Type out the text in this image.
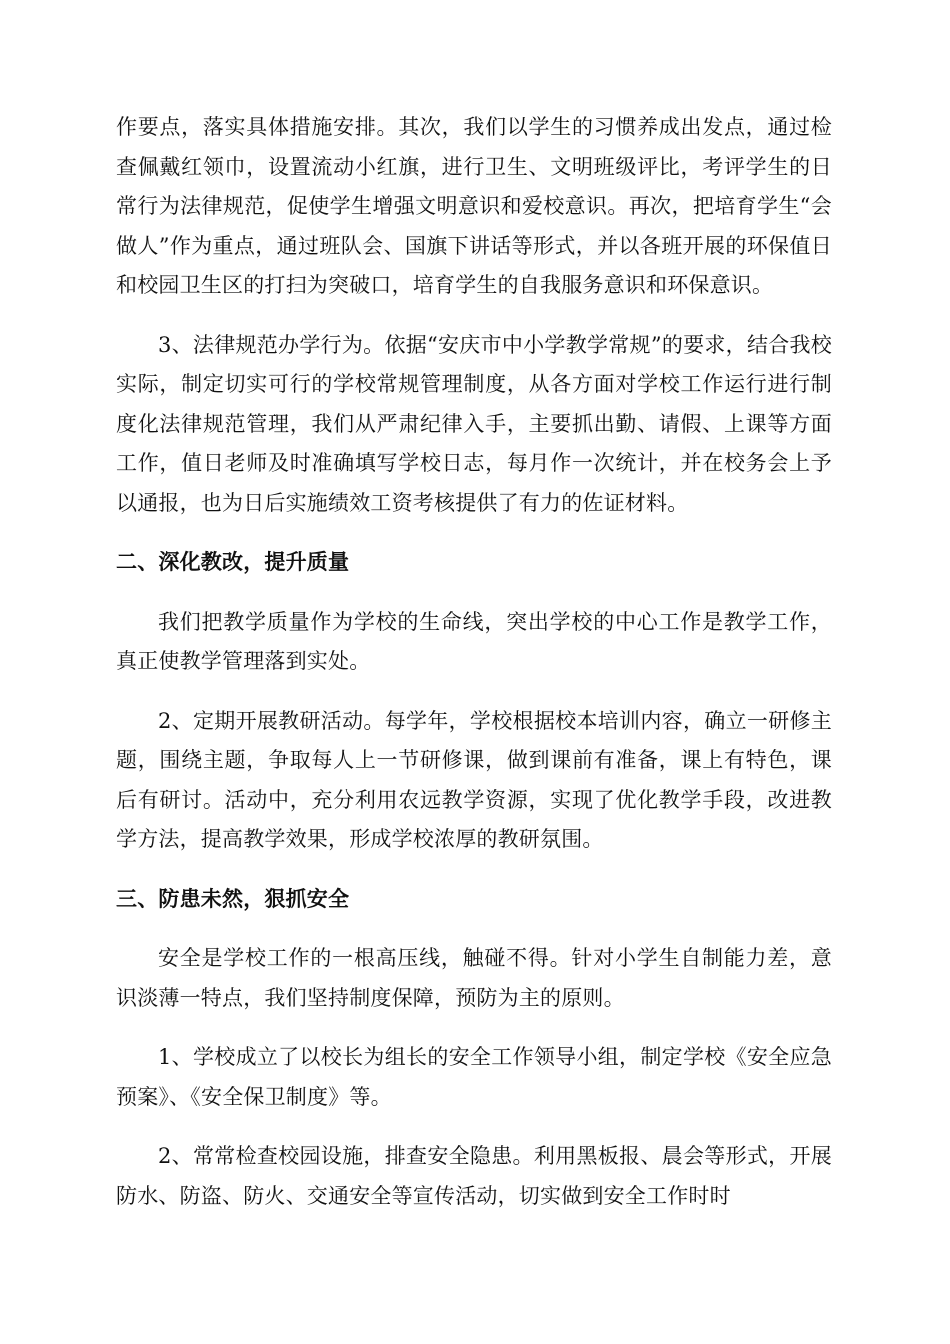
作要点，落实具体措施安排。其次，我们以学生的习惯养成出发点，通过检查佩戴红领巾，设置流动小红旗，进行卫生、文明班级评比，考评学生的日常行为法律规范，促使学生增强文明意识和爱校意识。再次，把培育学生“会做人”作为重点，通过班队会、国旗下讲话等形式，并以各班开展的环保值日和校园卫生区的打扫为突破口，培育学生的自我服务意识和环保意识。

3、法律规范办学行为。依据“安庆市中小学教学常规”的要求，结合我校实际，制定切实可行的学校常规管理制度，从各方面对学校工作运行进行制度化法律规范管理，我们从严肃纪律入手，主要抓出勤、请假、上课等方面工作，值日老师及时准确填写学校日志，每月作一次统计，并在校务会上予以通报，也为日后实施绩效工资考核提供了有力的佐证材料。

二、深化教改，提升质量

我们把教学质量作为学校的生命线，突出学校的中心工作是教学工作，真正使教学管理落到实处。

2、定期开展教研活动。每学年，学校根据校本培训内容，确立一研修主题，围绕主题，争取每人上一节研修课，做到课前有准备，课上有特色，课后有研讨。活动中，充分利用农远教学资源，实现了优化教学手段，改进教学方法，提高教学效果，形成学校浓厚的教研氛围。

三、防患未然，狠抓安全

安全是学校工作的一根高压线，触碰不得。针对小学生自制能力差，意识淡薄一特点，我们坚持制度保障，预防为主的原则。

1、学校成立了以校长为组长的安全工作领导小组，制定学校《安全应急预案》、《安全保卫制度》等。

2、常常检查校园设施，排查安全隐患。利用黑板报、晨会等形式，开展防水、防盗、防火、交通安全等宣传活动，切实做到安全工作时时
